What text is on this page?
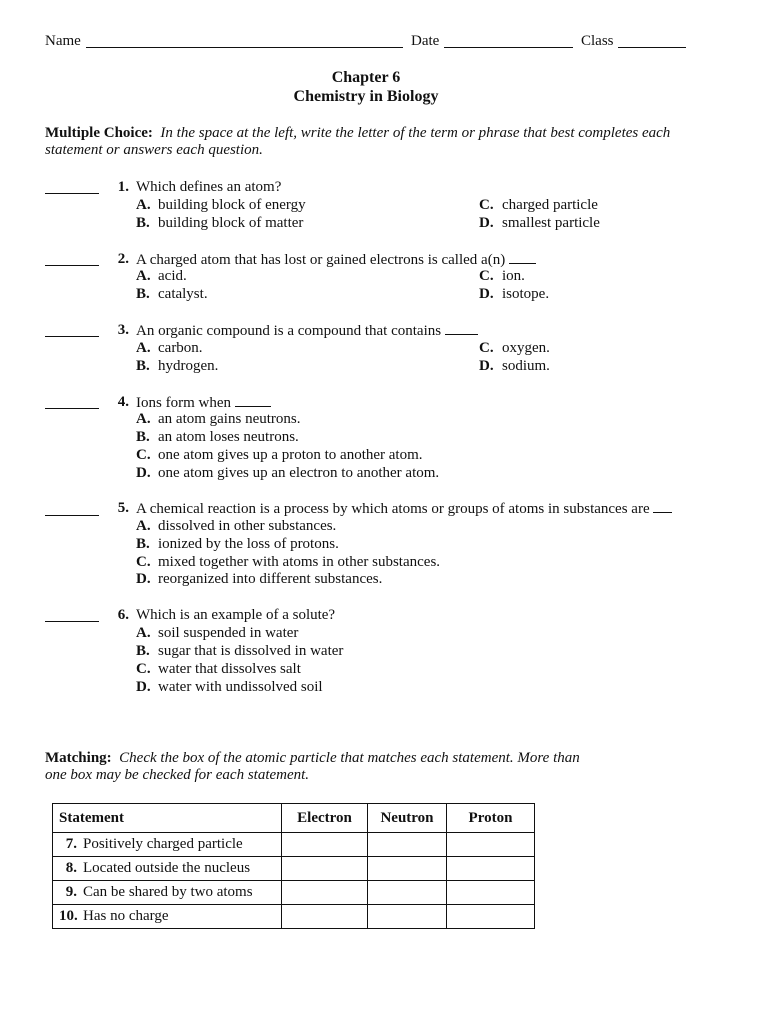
Name	Date	Class
Chapter 6
Chemistry in Biology
Multiple Choice: In the space at the left, write the letter of the term or phrase that best completes each statement or answers each question.
1. Which defines an atom?
A. building block of energy
B. building block of matter
C. charged particle
D. smallest particle
2. A charged atom that has lost or gained electrons is called a(n)
A. acid.
B. catalyst.
C. ion.
D. isotope.
3. An organic compound is a compound that contains
A. carbon.
B. hydrogen.
C. oxygen.
D. sodium.
4. Ions form when
A. an atom gains neutrons.
B. an atom loses neutrons.
C. one atom gives up a proton to another atom.
D. one atom gives up an electron to another atom.
5. A chemical reaction is a process by which atoms or groups of atoms in substances are
A. dissolved in other substances.
B. ionized by the loss of protons.
C. mixed together with atoms in other substances.
D. reorganized into different substances.
6. Which is an example of a solute?
A. soil suspended in water
B. sugar that is dissolved in water
C. water that dissolves salt
D. water with undissolved soil
Matching: Check the box of the atomic particle that matches each statement. More than one box may be checked for each statement.
Statement	Electron	Neutron	Proton
7. Positively charged particle			
8. Located outside the nucleus			
9. Can be shared by two atoms			
10. Has no charge			
